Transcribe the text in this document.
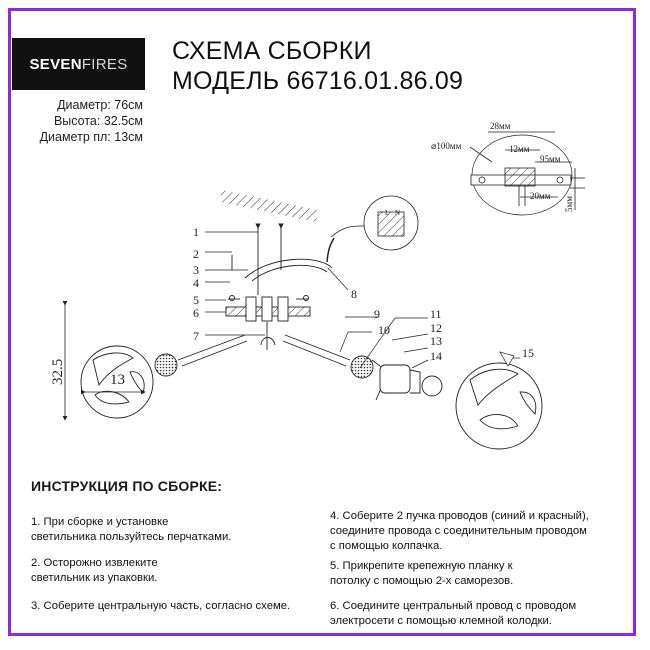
SEVEN FIRES СХЕМА СБОРКИ
МОДЕЛЬ 66716.01.86.09
Диаметр: 76см
Высота: 32.5см
Диаметр пл: 13см
⌀100мм
28мм
12мм
95мм
20мм
5мм
L N
32.5	13
1
2
3
4
5
6
7
8
9
10
11
12
13
14	15
ИНСТРУКЦИЯ ПО СБОРКЕ:
1. При сборке и установке
светильника пользуйтесь перчатками.
2. Осторожно извлеките
светильник из упаковки.
3. Соберите центральную часть, согласно схеме.
4. Соберите 2 пучка проводов (синий и красный),
соедините провода с соединительным проводом
с помощью колпачка.
5. Прикрепите крепежную планку к
потолку с помощью 2-х саморезов.
6. Соедините центральный провод с проводом
электросети с помощью клемной колодки.
